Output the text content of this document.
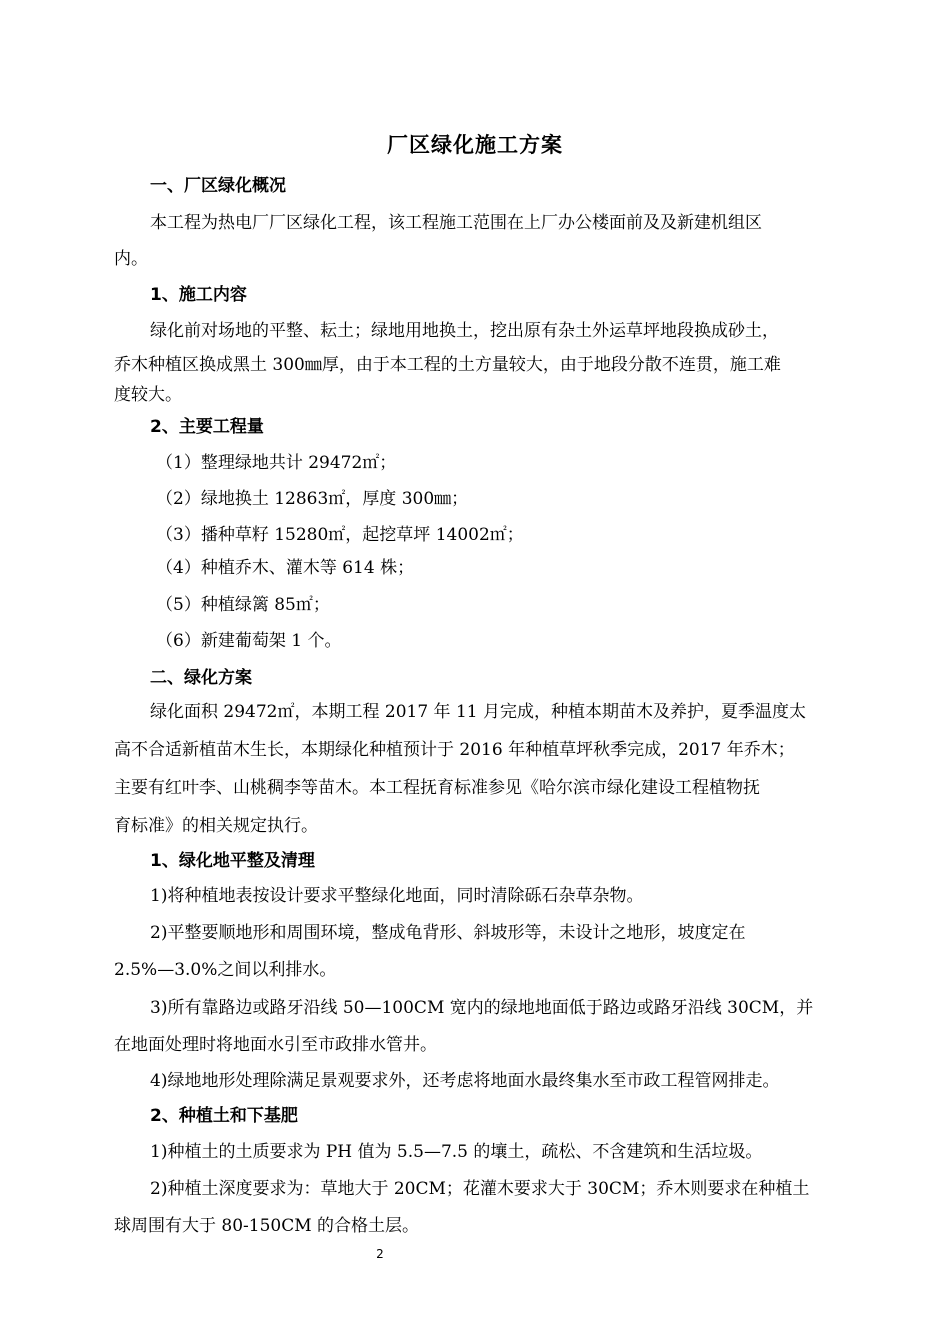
厂区绿化施工方案
一、厂区绿化概况
本工程为热电厂厂区绿化工程，该工程施工范围在上厂办公楼面前及及新建机组区
内。
1、施工内容
绿化前对场地的平整、耘土；绿地用地换土，挖出原有杂土外运草坪地段换成砂土，
乔木种植区换成黑土 300㎜厚，由于本工程的土方量较大，由于地段分散不连贯，施工难
度较大。
2、主要工程量
（1）整理绿地共计 29472㎡；
（2）绿地换土 12863㎡，厚度 300㎜；
（3）播种草籽 15280㎡，起挖草坪 14002㎡；
（4）种植乔木、灌木等 614 株；
（5）种植绿篱 85㎡；
（6）新建葡萄架 1 个。
二、绿化方案
绿化面积 29472㎡，本期工程 2017 年 11 月完成，种植本期苗木及养护，夏季温度太
高不合适新植苗木生长，本期绿化种植预计于 2016 年种植草坪秋季完成，2017 年乔木；
主要有红叶李、山桃稠李等苗木。本工程抚育标准参见《哈尔滨市绿化建设工程植物抚
育标准》的相关规定执行。
1、绿化地平整及清理
1)将种植地表按设计要求平整绿化地面，同时清除砾石杂草杂物。
2)平整要顺地形和周围环境，整成龟背形、斜坡形等，未设计之地形，坡度定在
2.5%—3.0%之间以利排水。
3)所有靠路边或路牙沿线 50—100CM 宽内的绿地地面低于路边或路牙沿线 30CM，并
在地面处理时将地面水引至市政排水管井。
4)绿地地形处理除满足景观要求外，还考虑将地面水最终集水至市政工程管网排走。
2、种植土和下基肥
1)种植土的土质要求为 PH 值为 5.5—7.5 的壤土，疏松、不含建筑和生活垃圾。
2)种植土深度要求为：草地大于 20CM；花灌木要求大于 30CM；乔木则要求在种植土
球周围有大于 80-150CM 的合格土层。
2
